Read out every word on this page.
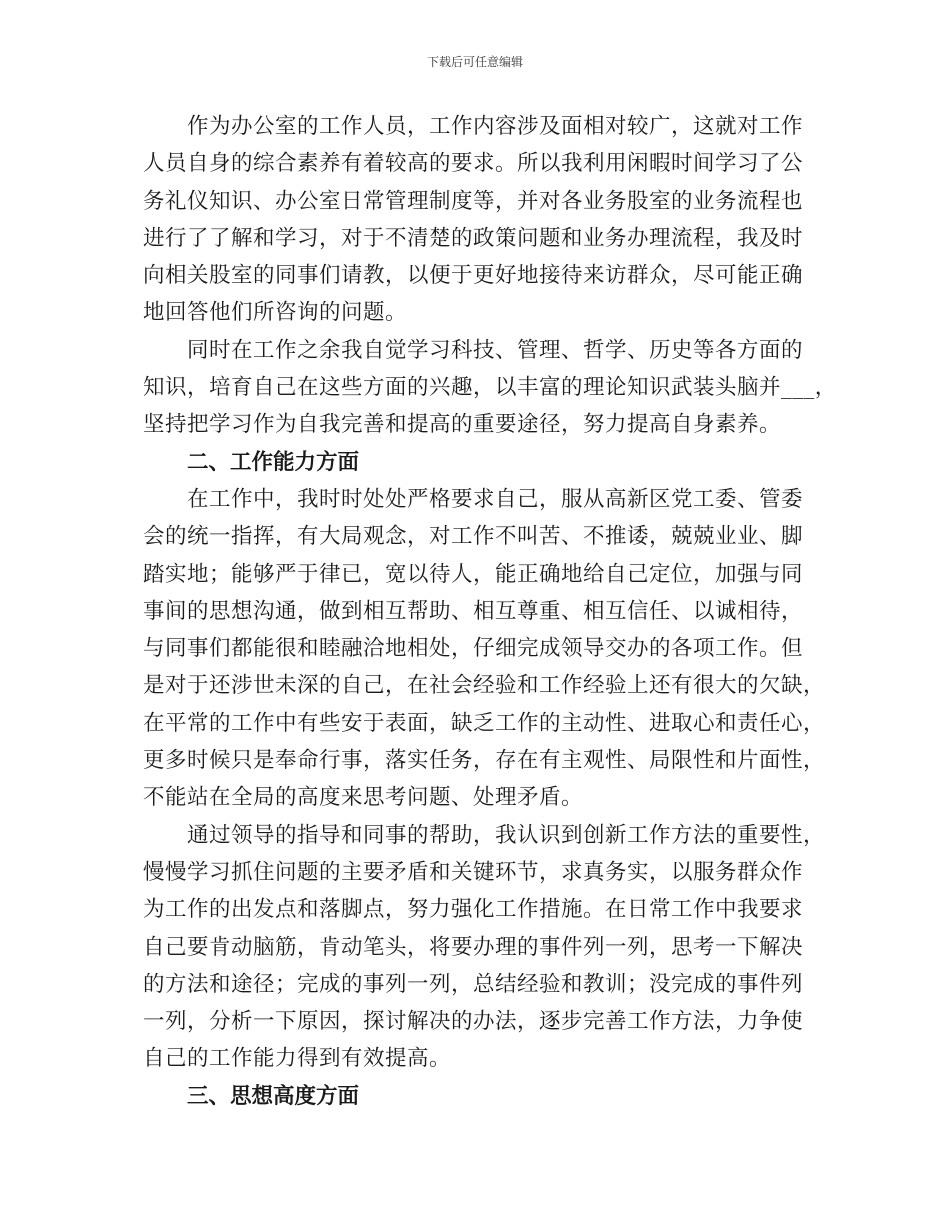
下载后可任意编辑
作为办公室的工作人员，工作内容涉及面相对较广，这就对工作
人员自身的综合素养有着较高的要求。所以我利用闲暇时间学习了公
务礼仪知识、办公室日常管理制度等，并对各业务股室的业务流程也
进行了了解和学习，对于不清楚的政策问题和业务办理流程，我及时
向相关股室的同事们请教，以便于更好地接待来访群众，尽可能正确
地回答他们所咨询的问题。
同时在工作之余我自觉学习科技、管理、哲学、历史等各方面的
知识，培育自己在这些方面的兴趣，以丰富的理论知识武装头脑并___，
坚持把学习作为自我完善和提高的重要途径，努力提高自身素养。
二、工作能力方面
在工作中，我时时处处严格要求自己，服从高新区党工委、管委
会的统一指挥，有大局观念，对工作不叫苦、不推诿，兢兢业业、脚
踏实地；能够严于律已，宽以待人，能正确地给自己定位，加强与同
事间的思想沟通，做到相互帮助、相互尊重、相互信任、以诚相待，
与同事们都能很和睦融洽地相处，仔细完成领导交办的各项工作。但
是对于还涉世未深的自己，在社会经验和工作经验上还有很大的欠缺，
在平常的工作中有些安于表面，缺乏工作的主动性、进取心和责任心，
更多时候只是奉命行事，落实任务，存在有主观性、局限性和片面性，
不能站在全局的高度来思考问题、处理矛盾。
通过领导的指导和同事的帮助，我认识到创新工作方法的重要性，
慢慢学习抓住问题的主要矛盾和关键环节，求真务实，以服务群众作
为工作的出发点和落脚点，努力强化工作措施。在日常工作中我要求
自己要肯动脑筋，肯动笔头，将要办理的事件列一列，思考一下解决
的方法和途径；完成的事列一列，总结经验和教训；没完成的事件列
一列，分析一下原因，探讨解决的办法，逐步完善工作方法，力争使
自己的工作能力得到有效提高。
三、思想高度方面
